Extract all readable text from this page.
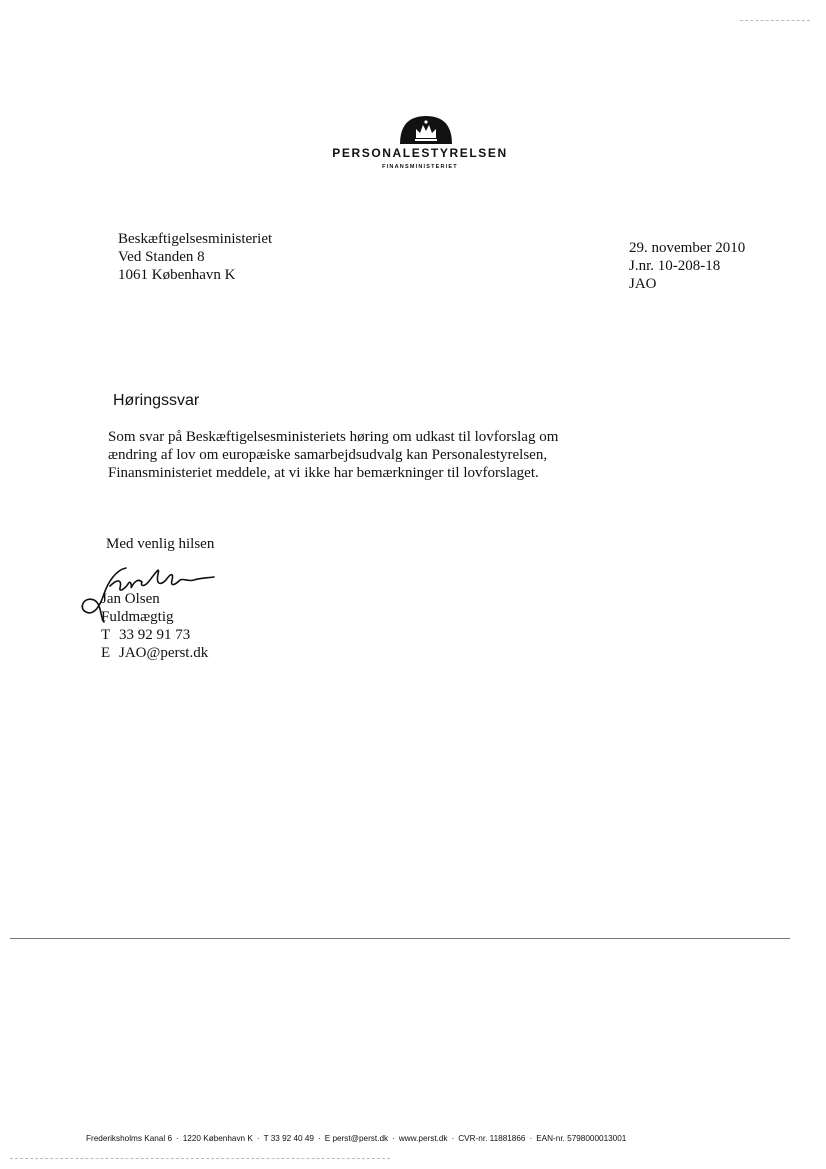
PERSONALESTYRELSEN
FINANSMINISTERIET
Beskæftigelsesministeriet
Ved Standen 8
1061 København K
29. november 2010
J.nr. 10-208-18
JAO
Høringssvar
Som svar på Beskæftigelsesministeriets høring om udkast til lovforslag om
ændring af lov om europæiske samarbejdsudvalg kan Personalestyrelsen,
Finansministeriet meddele, at vi ikke har bemærkninger til lovforslaget.
Med venlig hilsen
Jan Olsen
Fuldmægtig
T 33 92 91 73
E JAO@perst.dk
Frederiksholms Kanal 6 · 1220 København K · T 33 92 40 49 · E perst@perst.dk · www.perst.dk · CVR-nr. 11881866 · EAN-nr. 5798000013001
